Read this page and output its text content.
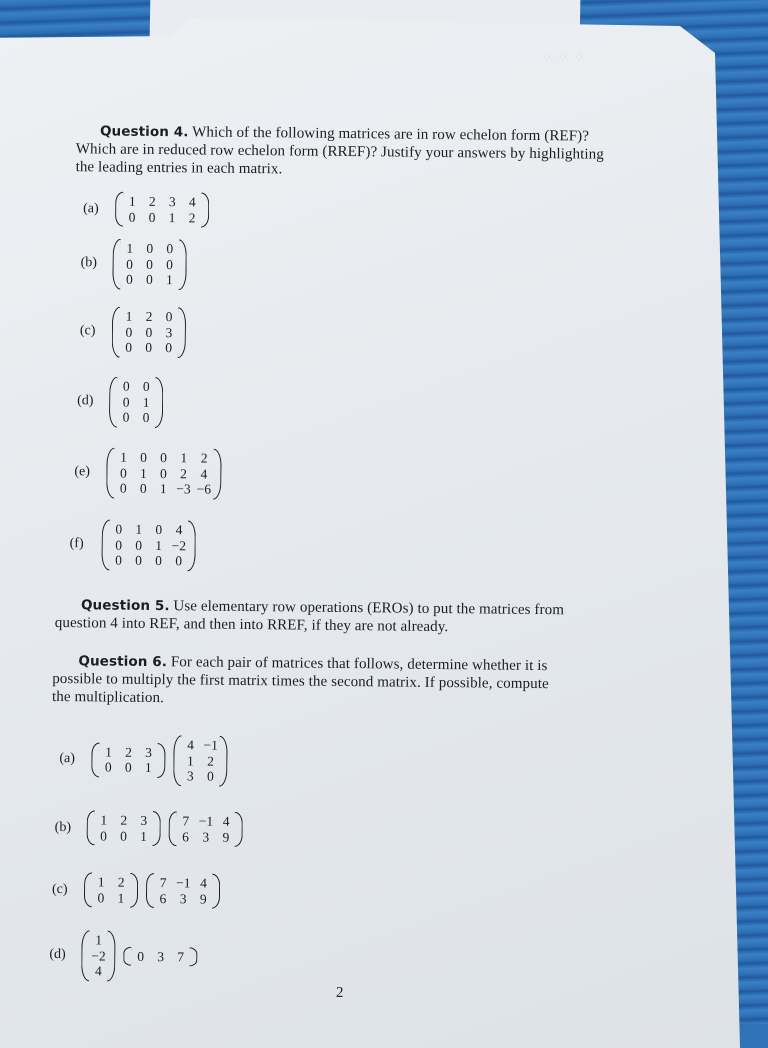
⁘ ⁘ ⁘
Question 4. Which of the following matrices are in row echelon form (REF)?
Which are in reduced row echelon form (RREF)? Justify your answers by highlighting
the leading entries in each matrix.
(a)	1 2 3 4
0 0 1 2
(b)
1 0 0
0 0 0
0 0 1
(c)
1 2 0
0 0 3
0 0 0
(d)
0 0
0 1
0 0
(e)
1 0 0 1 2
0 1 0 2 4
0 0 1 −3 −6
(f)
0 1 0 4
0 0 1 −2
0 0 0 0
Question 5. Use elementary row operations (EROs) to put the matrices from
question 4 into REF, and then into RREF, if they are not already.
Question 6. For each pair of matrices that follows, determine whether it is
possible to multiply the first matrix times the second matrix. If possible, compute
the multiplication.
(a)	1 2 3
0 0 1
4 −1
1 2
3 0
(b)	1 2 3
0 0 1
7 −1 4
6 3 9
(c)	1 2
0 1
7 −1 4
6 3 9
(d)
1
−2
4
0 3 7
2
